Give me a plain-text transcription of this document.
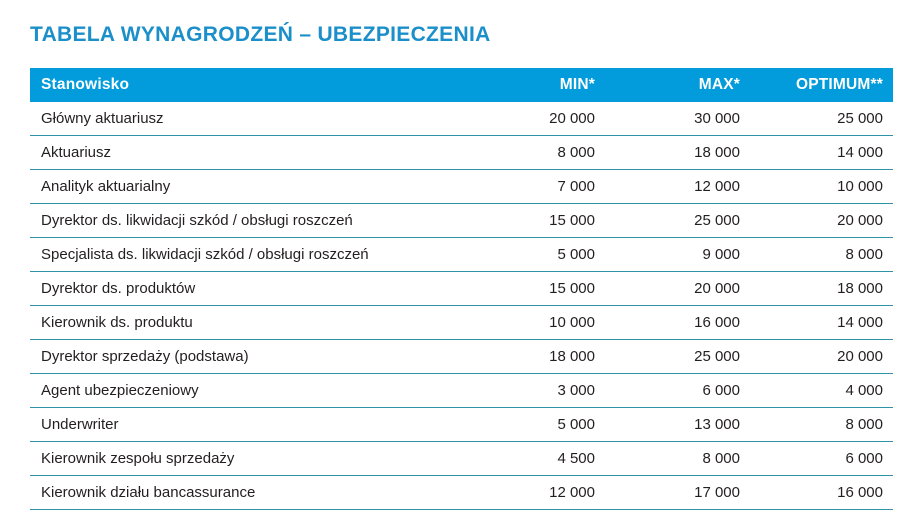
TABELA WYNAGRODZEŃ – UBEZPIECZENIA
Stanowisko	MIN*	MAX*	OPTIMUM**
Główny aktuariusz	20 000	30 000	25 000
Aktuariusz	8 000	18 000	14 000
Analityk aktuarialny	7 000	12 000	10 000
Dyrektor ds. likwidacji szkód / obsługi roszczeń	15 000	25 000	20 000
Specjalista ds. likwidacji szkód / obsługi roszczeń	5 000	9 000	8 000
Dyrektor ds. produktów	15 000	20 000	18 000
Kierownik ds. produktu	10 000	16 000	14 000
Dyrektor sprzedaży (podstawa)	18 000	25 000	20 000
Agent ubezpieczeniowy	3 000	6 000	4 000
Underwriter	5 000	13 000	8 000
Kierownik zespołu sprzedaży	4 500	8 000	6 000
Kierownik działu bancassurance	12 000	17 000	16 000
